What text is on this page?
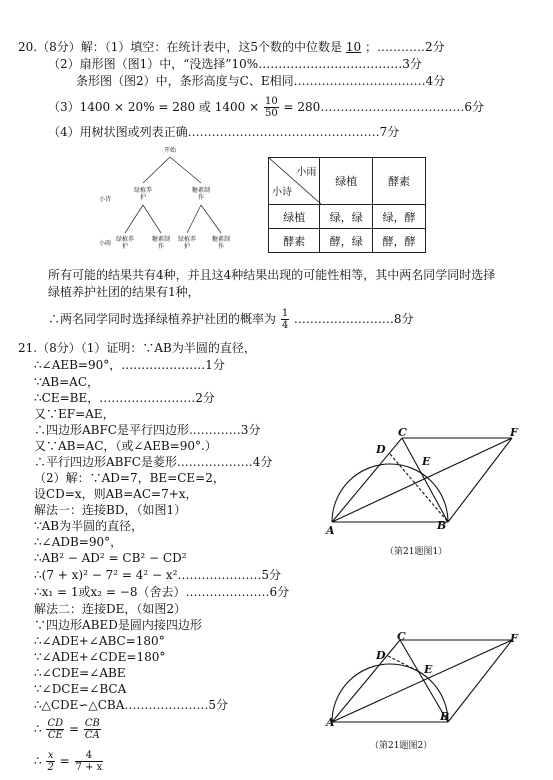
20.（8分）解：（1）填空：在统计表中，这5个数的中位数是 10 ；…………2分
（2）扇形图（图1）中，“没选择”10%………………………………3分
条形图（图2）中，条形高度与C、E相同……………………………4分
（3）1400 × 20% = 280 或 $1400 \times \frac{10}{50}$ = 280………………………………6分
（4）用树状图或列表正确…………………………………………7分
开始
小诗
绿植养护
糖素制作
小雨
绿植养护
糖素制作
绿植养护
糖素制作
小雨
小诗	绿植	酵素
绿植	绿，绿	绿，酵
酵素	酵，绿	酵，酵
所有可能的结果共有4种，并且这4种结果出现的可能性相等，其中两名同学同时选择
绿植养护社团的结果有1种，
∴两名同学同时选择绿植养护社团的概率为 $\frac{1}{4}$ .……………………8分
21.（8分）（1）证明：∵AB为半圆的直径，
∴∠AEB=90°，…………………1分
∵AB=AC，
∴CE=BE，……………………2分
又∵EF=AE，
∴四边形ABFC是平行四边形.…………3分
又∵AB=AC，（或∠AEB=90°.）
∴平行四边形ABFC是菱形.………………4分
（2）解：∵AD=7，BE=CE=2，
设CD=x，则AB=AC=7+x，
解法一：连接BD，（如图1）
∵AB为半圆的直径，
∴∠ADB=90°，
∴AB² − AD² = CB² − CD²
∴(7 + x)² − 7² = 4² − x²…………………5分
∴x₁ = 1或x₂ = −8（舍去）…………………6分
解法二：连接DE，（如图2）
∵四边形ABED是圆内接四边形
∴∠ADE+∠ABC=180°
∵∠ADE+∠CDE=180°
∴∠CDE=∠ABE
∵∠DCE=∠BCA
∴△CDE∽△CBA…………………5分
∴ $\frac{CD}{CE} = \frac{CB}{CA}$
∴ $\frac{x}{2} = \frac{4}{7 + x}$
A	B
C
D
E
F
（第21题图1）
A	B
C
D
E
F
（第21题图2）
